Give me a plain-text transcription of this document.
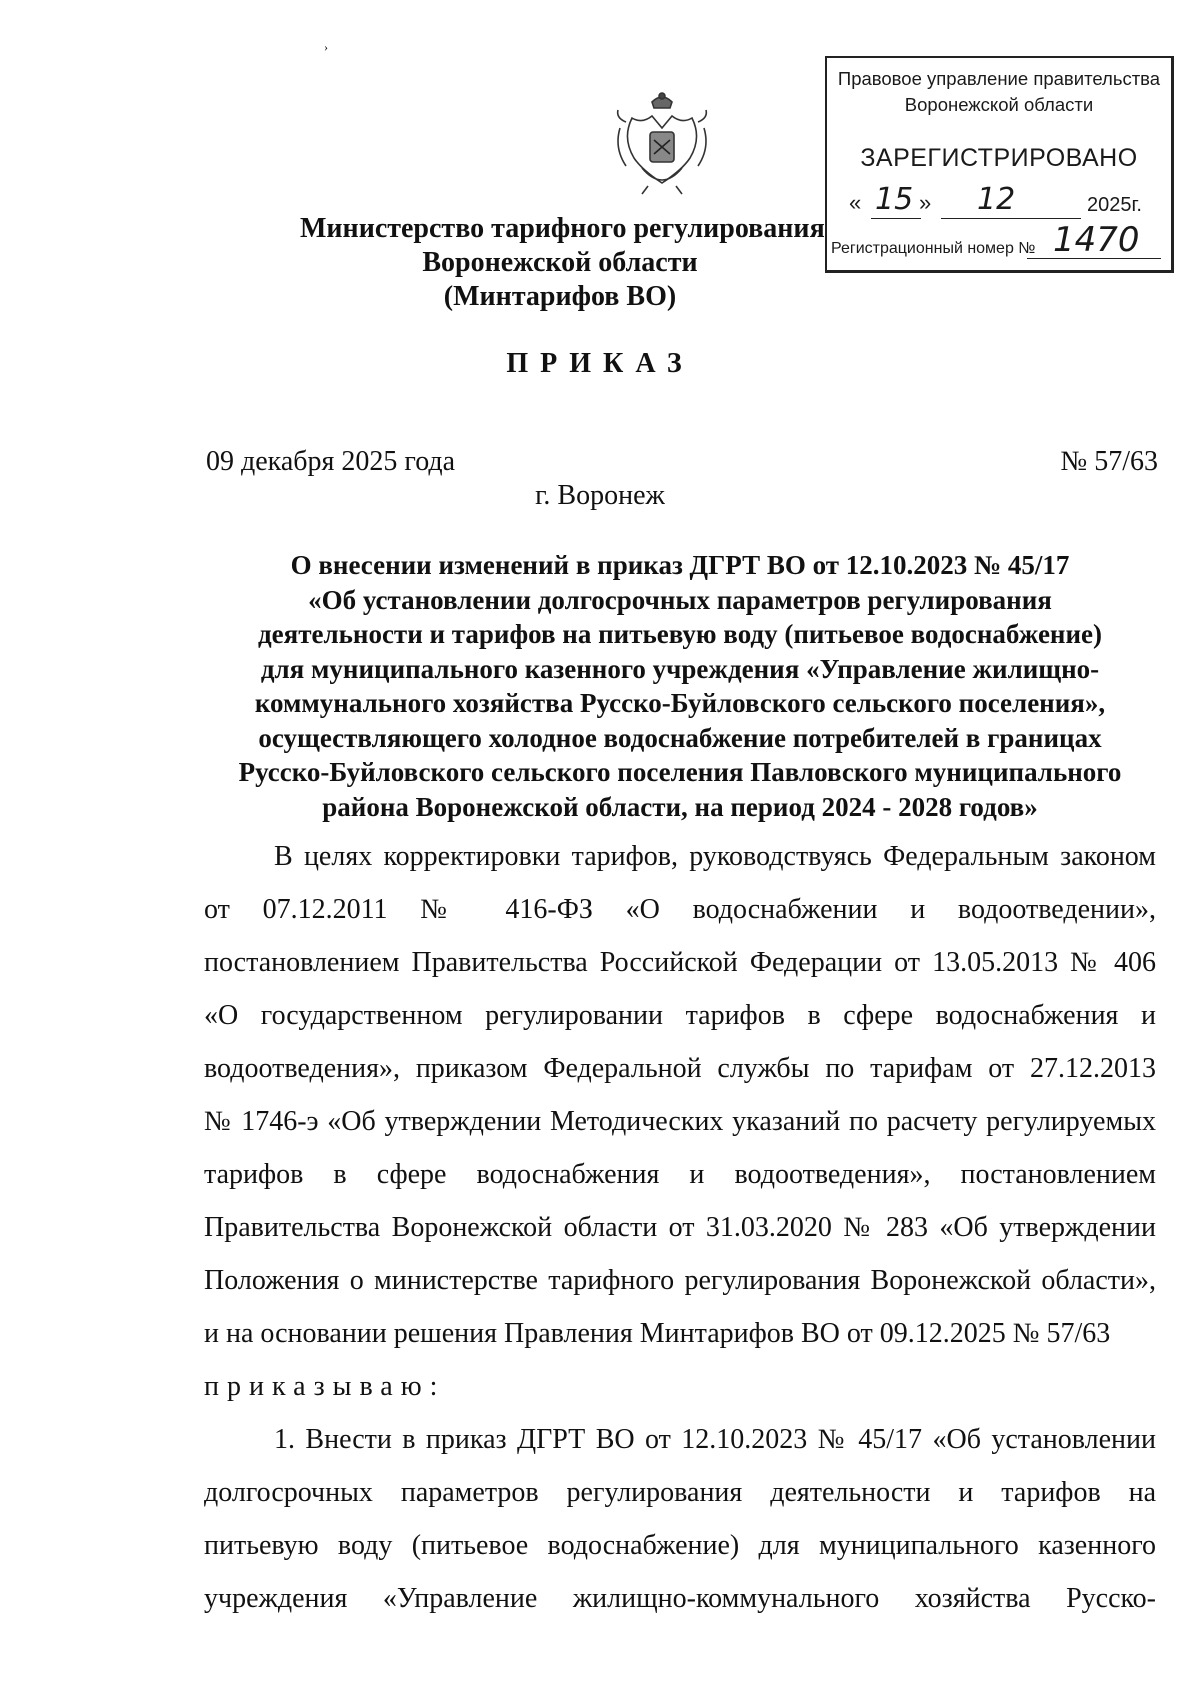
›
Правовое управление правительства
Воронежской области
ЗАРЕГИСТРИРОВАНО
« 15 » 12	2025г.
Регистрационный номер № 1470
Министерство тарифного регулирования
Воронежской области
(Минтарифов ВО)
ПРИКАЗ
09 декабря 2025 года	№ 57/63
г. Воронеж
О внесении изменений в приказ ДГРТ ВО от 12.10.2023 № 45/17
«Об установлении долгосрочных параметров регулирования
деятельности и тарифов на питьевую воду (питьевое водоснабжение)
для муниципального казенного учреждения «Управление жилищно-
коммунального хозяйства Русско-Буйловского сельского поселения»,
осуществляющего холодное водоснабжение потребителей в границах
Русско-Буйловского сельского поселения Павловского муниципального
района Воронежской области, на период 2024 - 2028 годов»
В целях корректировки тарифов, руководствуясь Федеральным законом
от 07.12.2011 № 416-ФЗ «О водоснабжении и водоотведении»,
постановлением Правительства Российской Федерации от 13.05.2013 № 406
«О государственном регулировании тарифов в сфере водоснабжения и
водоотведения», приказом Федеральной службы по тарифам от 27.12.2013
№ 1746-э «Об утверждении Методических указаний по расчету регулируемых
тарифов в сфере водоснабжения и водоотведения», постановлением
Правительства Воронежской области от 31.03.2020 № 283 «Об утверждении
Положения о министерстве тарифного регулирования Воронежской области»,
и на основании решения Правления Минтарифов ВО от 09.12.2025 № 57/63
приказываю:
1. Внести в приказ ДГРТ ВО от 12.10.2023 № 45/17 «Об установлении
долгосрочных параметров регулирования деятельности и тарифов на
питьевую воду (питьевое водоснабжение) для муниципального казенного
учреждения «Управление жилищно-коммунального хозяйства Русско-
